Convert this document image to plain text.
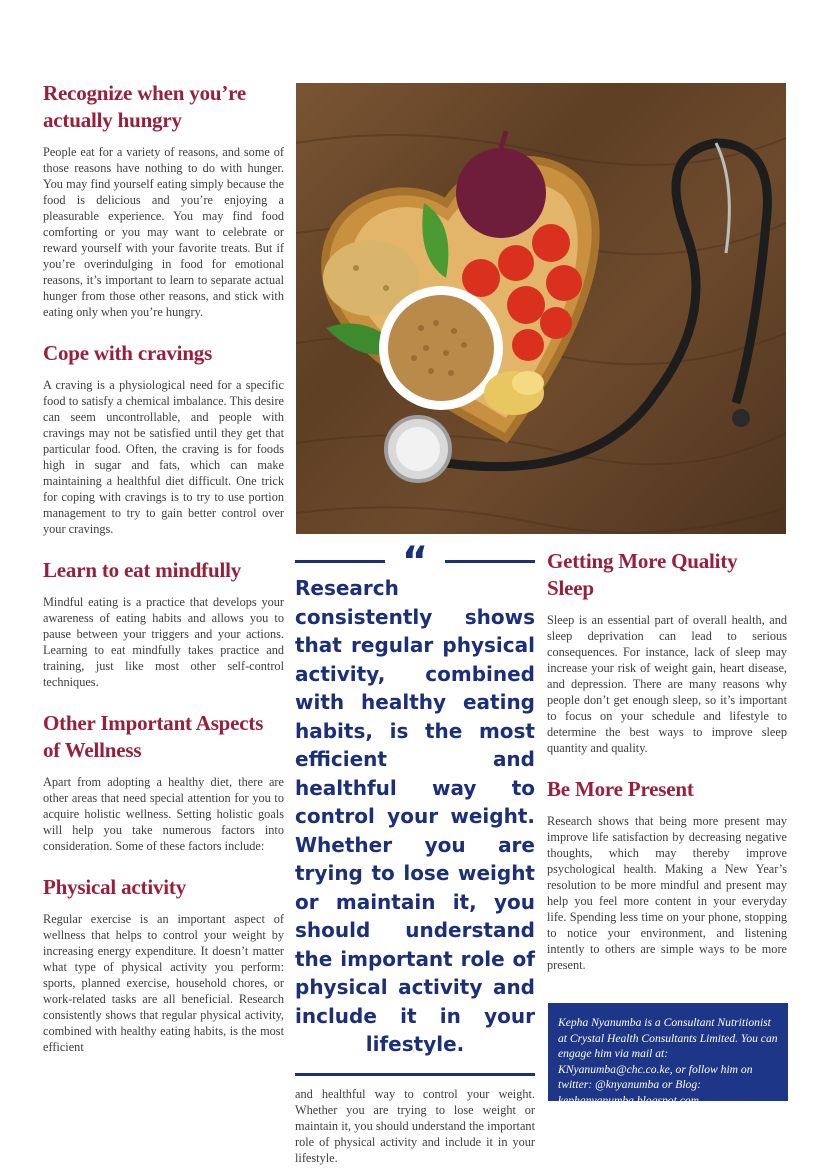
Recognize when you’re actually hungry

People eat for a variety of reasons, and some of those reasons have nothing to do with hunger. You may find yourself eating simply because the food is delicious and you’re enjoying a pleasurable experience. You may find food comforting or you may want to celebrate or reward yourself with your favorite treats. But if you’re overindulging in food for emotional reasons, it’s important to learn to separate actual hunger from those other reasons, and stick with eating only when you’re hungry.

Cope with cravings

A craving is a physiological need for a specific food to satisfy a chemical imbalance. This desire can seem uncontrollable, and people with cravings may not be satisfied until they get that particular food. Often, the craving is for foods high in sugar and fats, which can make maintaining a healthful diet difficult. One trick for coping with cravings is to try to use portion management to try to gain better control over your cravings.

Learn to eat mindfully

Mindful eating is a practice that develops your awareness of eating habits and allows you to pause between your triggers and your actions. Learning to eat mindfully takes practice and training, just like most other self-control techniques.

Other Important Aspects of Wellness

Apart from adopting a healthy diet, there are other areas that need special attention for you to acquire holistic wellness. Setting holistic goals will help you take numerous factors into consideration. Some of these factors include:

Physical activity

Regular exercise is an important aspect of wellness that helps to control your weight by increasing energy expenditure. It doesn’t matter what type of physical activity you perform: sports, planned exercise, household chores, or work-related tasks are all beneficial. Research consistently shows that regular physical activity, combined with healthy eating habits, is the most efficient

“

Research consistently shows that regular physical activity, combined with healthy eating habits, is the most efficient and healthful way to control your weight. Whether you are trying to lose weight or maintain it, you should understand the important role of physical activity and include it in your lifestyle.

and healthful way to control your weight. Whether you are trying to lose weight or maintain it, you should understand the important role of physical activity and include it in your lifestyle.

Getting More Quality Sleep

Sleep is an essential part of overall health, and sleep deprivation can lead to serious consequences. For instance, lack of sleep may increase your risk of weight gain, heart disease, and depression. There are many reasons why people don’t get enough sleep, so it’s important to focus on your schedule and lifestyle to determine the best ways to improve sleep quantity and quality.

Be More Present

Research shows that being more present may improve life satisfaction by decreasing negative thoughts, which may thereby improve psychological health. Making a New Year’s resolution to be more mindful and present may help you feel more content in your everyday life. Spending less time on your phone, stopping to notice your environment, and listening intently to others are simple ways to be more present.

Kepha Nyanumba is a Consultant Nutritionist at Crystal Health Consultants Limited. You can engage him via mail at: KNyanumba@chc.co.ke, or follow him on twitter: @knyanumba or Blog: kephanyanumba.blogspot.com.
